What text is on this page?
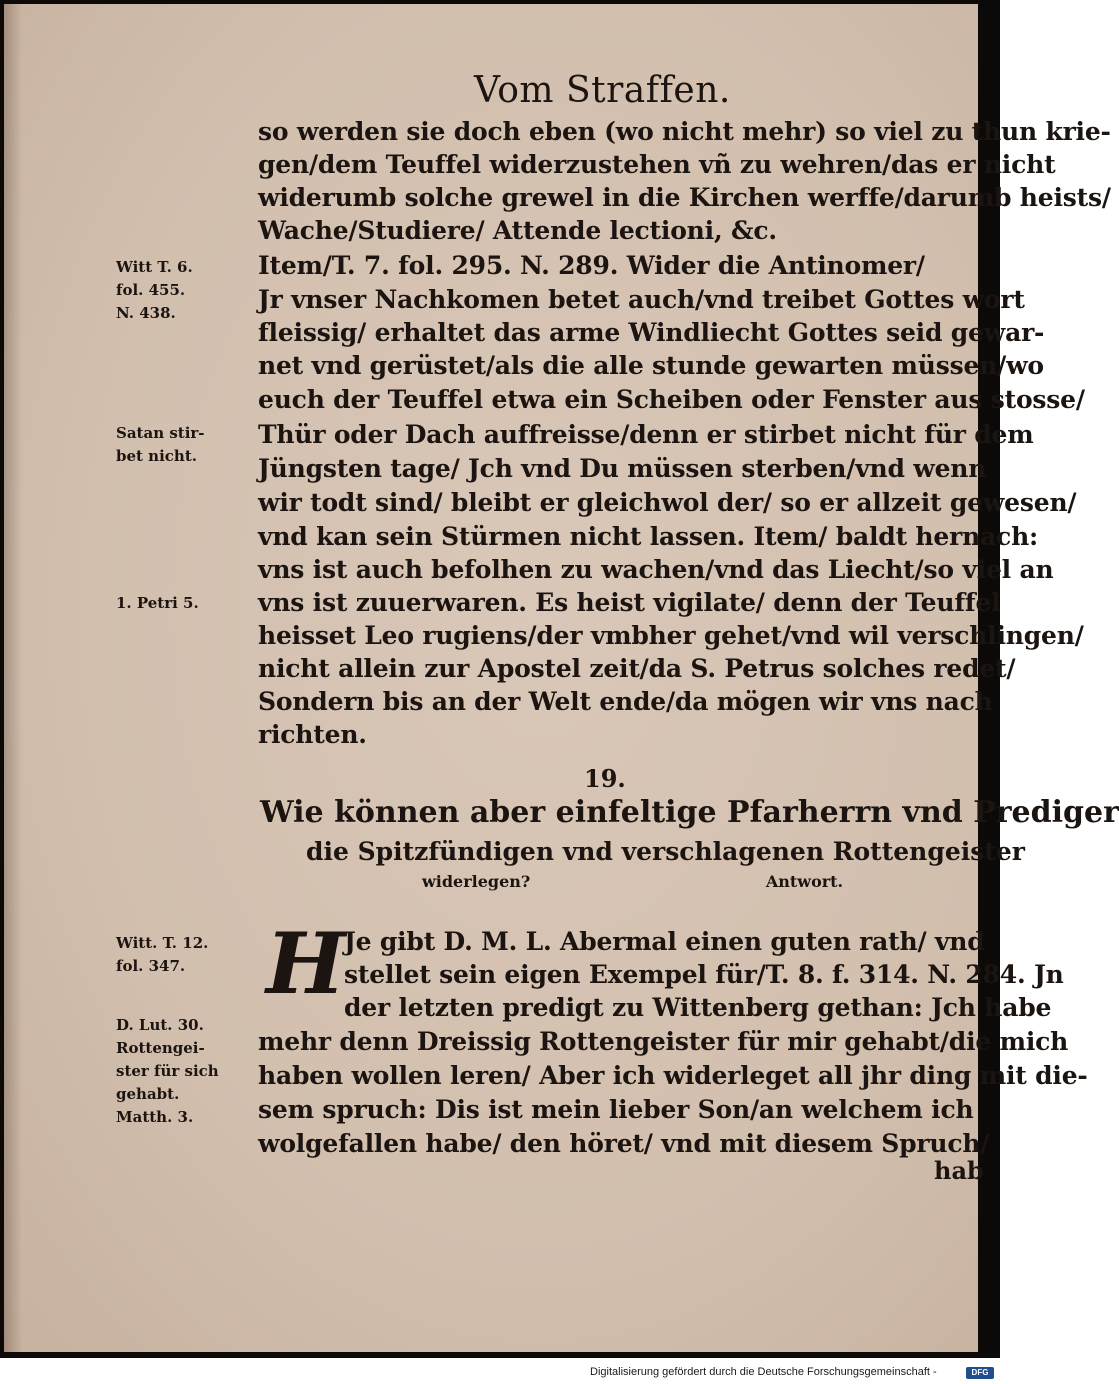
Vom Straffen.

so werden sie doch eben (wo nicht mehr) so viel zu thun krie-

gen/dem Teuffel widerzustehen vñ zu wehren/das er nicht

widerumb solche grewel in die Kirchen werffe/darumb heists/

Wache/Studiere/ Attende lectioni, &c.

Item/T. 7. fol. 295. N. 289. Wider die Antinomer/

Jr vnser Nachkomen betet auch/vnd treibet Gottes wort

fleissig/ erhaltet das arme Windliecht Gottes seid gewar-

net vnd gerüstet/als die alle stunde gewarten müssen/wo

euch der Teuffel etwa ein Scheiben oder Fenster aus stosse/

Thür oder Dach auffreisse/denn er stirbet nicht für dem

Jüngsten tage/ Jch vnd Du müssen sterben/vnd wenn

wir todt sind/ bleibt er gleichwol der/ so er allzeit gewesen/

vnd kan sein Stürmen nicht lassen. Item/ baldt hernach:

vns ist auch befolhen zu wachen/vnd das Liecht/so viel an

vns ist zuuerwaren. Es heist vigilate/ denn der Teuffel

heisset Leo rugiens/der vmbher gehet/vnd wil verschlingen/

nicht allein zur Apostel zeit/da S. Petrus solches redet/

Sondern bis an der Welt ende/da mögen wir vns nach

richten.

Witt T. 6.

fol. 455.

N. 438.

Satan stir-

bet nicht.

1. Petri 5.

19.

Wie können aber einfeltige Pfarherrn vnd Prediger

die Spitzfündigen vnd verschlagenen Rottengeister

widerlegen? Antwort.

H

Je gibt D. M. L. Abermal einen guten rath/ vnd

stellet sein eigen Exempel für/T. 8. f. 314. N. 284. Jn

der letzten predigt zu Wittenberg gethan: Jch habe

mehr denn Dreissig Rottengeister für mir gehabt/die mich

haben wollen leren/ Aber ich widerleget all jhr ding mit die-

sem spruch: Dis ist mein lieber Son/an welchem ich

wolgefallen habe/ den höret/ vnd mit diesem Spruch/

Witt. T. 12.

fol. 347.

D. Lut. 30.

Rottengei-

ster für sich

gehabt.

Matth. 3.

hab

Digitalisierung gefördert durch die Deutsche Forschungsgemeinschaft -	DFG
